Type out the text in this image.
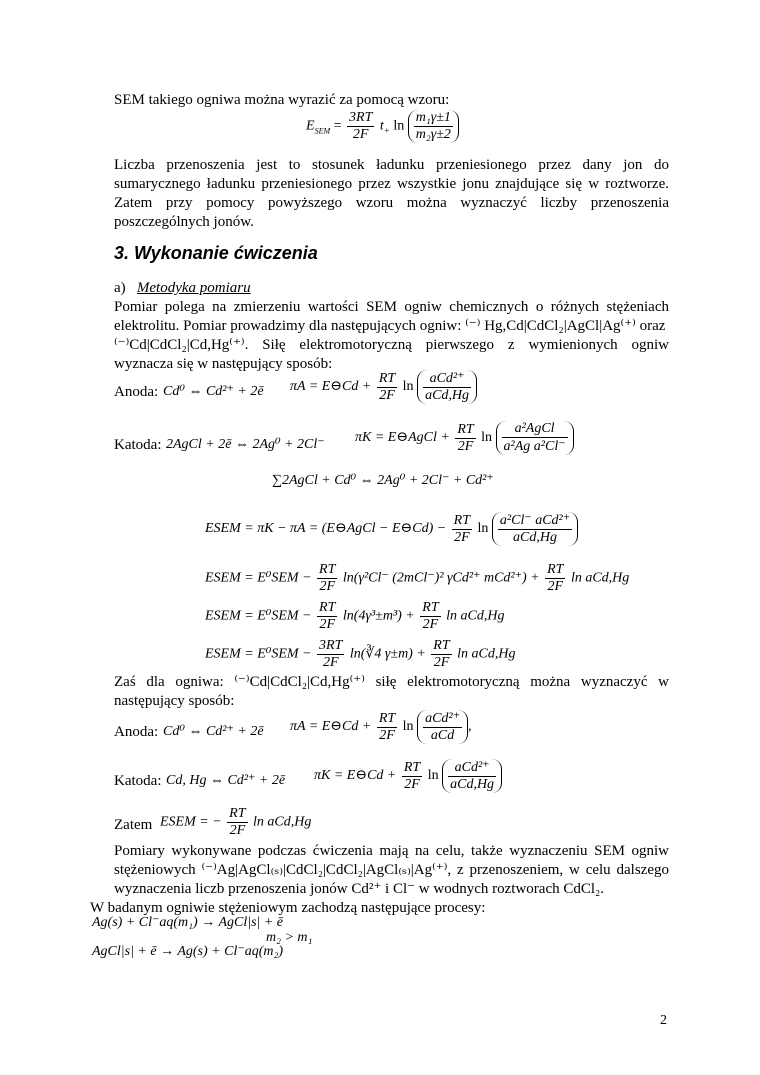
SEM takiego ogniwa można wyrazić za pomocą wzoru:
$E_{SEM} = \frac{3RT}{2F} t_+$ $\ln \frac{\text{m₁γ±1}}{\text{m₂γ±2}}$
Liczba przenoszenia jest to stosunek ładunku przeniesionego przez dany jon do sumarycznego ładunku przeniesionego przez wszystkie jonu znajdujące się w roztworze. Zatem przy pomocy powyższego wzoru można wyznaczyć liczby przenoszenia poszczególnych jonów.
3. Wykonanie ćwiczenia
a) Metodyka pomiaru
Pomiar polega na zmierzeniu wartości SEM ogniw chemicznych o różnych stężeniach elektrolitu. Pomiar prowadzimy dla następujących ogniw: ⁽⁻⁾ Hg,Cd|CdCl₂|AgCl|Ag⁽⁺⁾ oraz
⁽⁻⁾Cd|CdCl₂|Cd,Hg⁽⁺⁾. Siłę elektromotoryczną pierwszego z wymienionych ogniw wyznacza się w następujący sposób:
Anoda: Cd⁰ ⇔ Cd²⁺ + 2ē πA = E⊖Cd + $\frac{RT}{2F}$ $\ln \frac{\text{aCd²⁺}}{\text{aCd,Hg}}$
Katoda: 2AgCl + 2ē ⇔ 2Ag⁰ + 2Cl⁻ πK = E⊖AgCl + $\frac{RT}{2F}$ $\ln \frac{\text{a²AgCl}}{\text{a²Ag a²Cl⁻}}$
∑2AgCl + Cd⁰ ⇔ 2Ag⁰ + 2Cl⁻ + Cd²⁺
ESEM = πK − πA = (E⊖AgCl − E⊖Cd) − $\frac{RT}{2F}$ $\ln \frac{\text{a²Cl⁻ aCd²⁺}}{\text{aCd,Hg}}$
ESEM = $E^0SEM - \frac{RT}{2F} \ln(\gamma^2Cl^-$ (2mCl⁻)² γCd²⁺ $mCd^{2+}) + \frac{RT}{2F}$ ln aCd,Hg
ESEM = $E^0SEM - \frac{RT}{2F} \ln(4\gamma^3\pm m^3) + \frac{RT}{2F}$ ln aCd,Hg
ESEM = $E^0SEM - \frac{3RT}{2F}$ ln(∛4 $\gamma\pm m) + \frac{RT}{2F}$ ln aCd,Hg
Zaś dla ogniwa: ⁽⁻⁾Cd|CdCl₂|Cd,Hg⁽⁺⁾ siłę elektromotoryczną można wyznaczyć w następujący sposób:
Anoda: Cd⁰ ⇔ Cd²⁺ + 2ē πA = E⊖Cd + $\frac{RT}{2F}$ $\ln \frac{\text{aCd²⁺}}{\text{aCd}}$ ,
Katoda: Cd, Hg ⇔ Cd²⁺ + 2ē πK = E⊖Cd + $\frac{RT}{2F}$ $\ln \frac{\text{aCd²⁺}}{\text{aCd,Hg}}$
Zatem ESEM = − $\frac{RT}{2F}$ ln aCd,Hg
Pomiary wykonywane podczas ćwiczenia mają na celu, także wyznaczeniu SEM ogniw stężeniowych ⁽⁻⁾Ag|AgCl₍ₛ₎|CdCl₂|CdCl₂|AgCl₍ₛ₎|Ag⁽⁺⁾, z przenoszeniem, w celu dalszego wyznaczenia liczb przenoszenia jonów Cd²⁺ i Cl⁻ w wodnych roztworach CdCl₂.
W badanym ogniwie stężeniowym zachodzą następujące procesy:
Ag(s) + Cl⁻aq(m₁) → AgCl|s| + ē
AgCl|s| + ē → Ag(s) + Cl⁻aq(m₂)
m₂ > m₁
2
